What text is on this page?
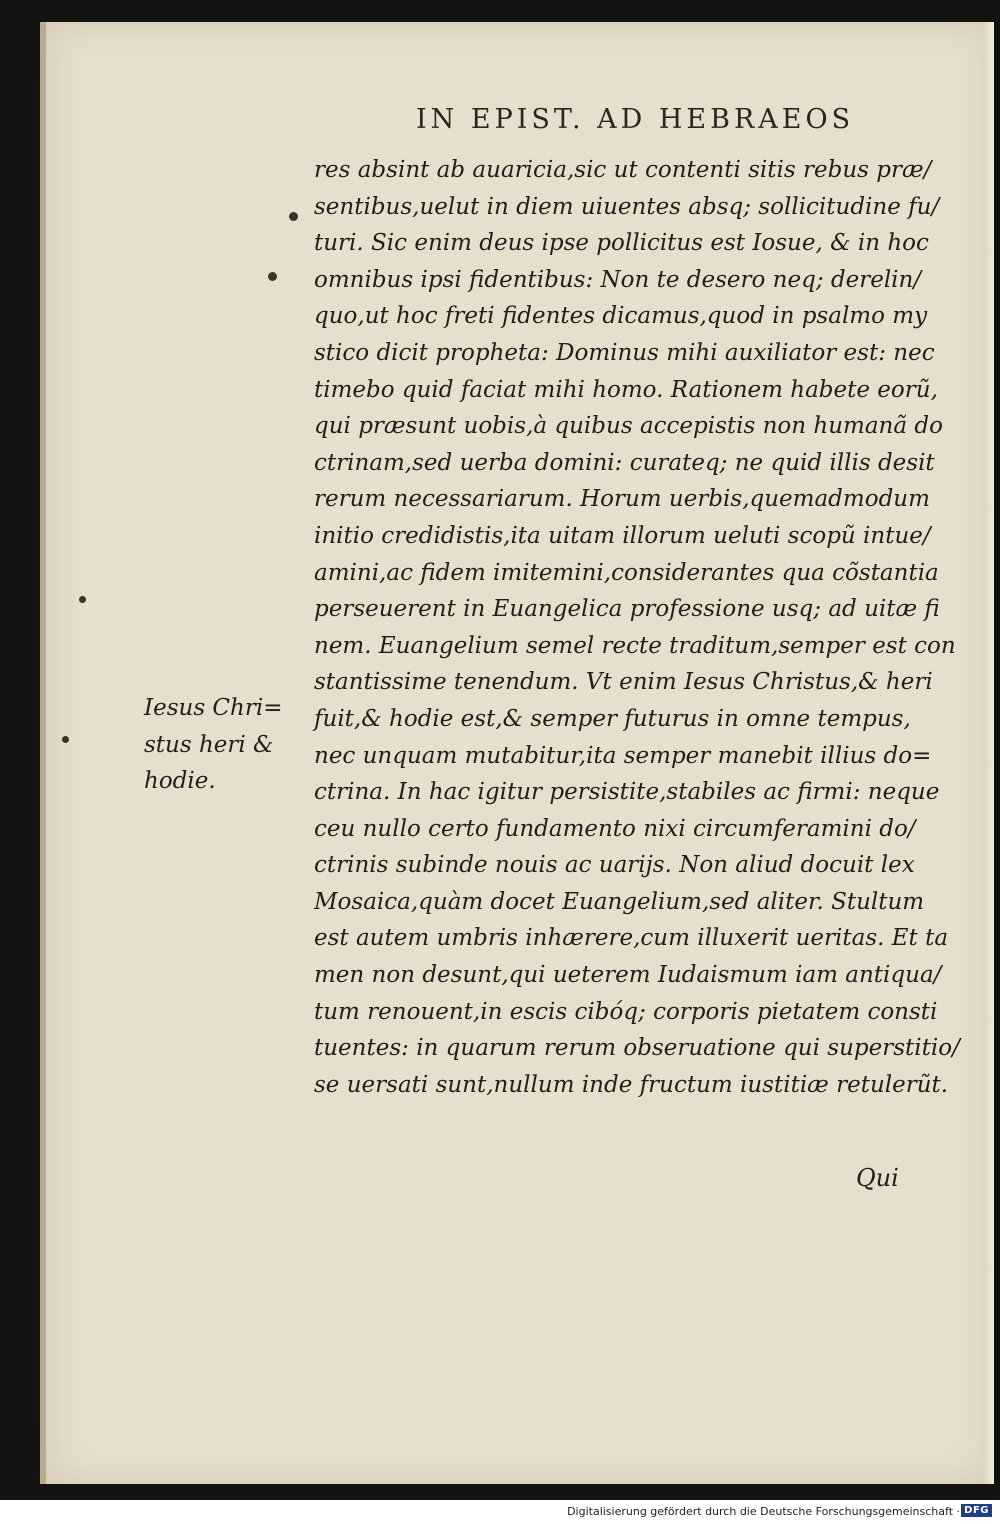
IN EPIST. AD HEBRAEOS
res absint ab auaricia,sic ut contenti sitis rebus præ/
sentibus,uelut in diem uiuentes absq; sollicitudine fu/
turi. Sic enim deus ipse pollicitus est Iosue, & in hoc
omnibus ipsi fidentibus: Non te desero neq; derelin/
quo,ut hoc freti fidentes dicamus,quod in psalmo my
stico dicit propheta: Dominus mihi auxiliator est: nec
timebo quid faciat mihi homo. Rationem habete eorũ,
qui præsunt uobis,à quibus accepistis non humanã do
ctrinam,sed uerba domini: curateq; ne quid illis desit
rerum necessariarum. Horum uerbis,quemadmodum
initio credidistis,ita uitam illorum ueluti scopũ intue/
amini,ac fidem imitemini,considerantes qua cõstantia
perseuerent in Euangelica professione usq; ad uitæ fi
nem. Euangelium semel recte traditum,semper est con
stantissime tenendum. Vt enim Iesus Christus,& heri
fuit,& hodie est,& semper futurus in omne tempus,
nec unquam mutabitur,ita semper manebit illius do=
ctrina. In hac igitur persistite,stabiles ac firmi: neque
ceu nullo certo fundamento nixi circumferamini do/
ctrinis subinde nouis ac uarijs. Non aliud docuit lex
Mosaica,quàm docet Euangelium,sed aliter. Stultum
est autem umbris inhærere,cum illuxerit ueritas. Et ta
men non desunt,qui ueterem Iudaismum iam antiqua/
tum renouent,in escis cibóq; corporis pietatem consti
tuentes: in quarum rerum obseruatione qui superstitio/
se uersati sunt,nullum inde fructum iustitiæ retulerũt.
Qui
Iesus Chri=
stus heri &
hodie.
Digitalisierung gefördert durch die Deutsche Forschungsgemeinschaft · DFG
